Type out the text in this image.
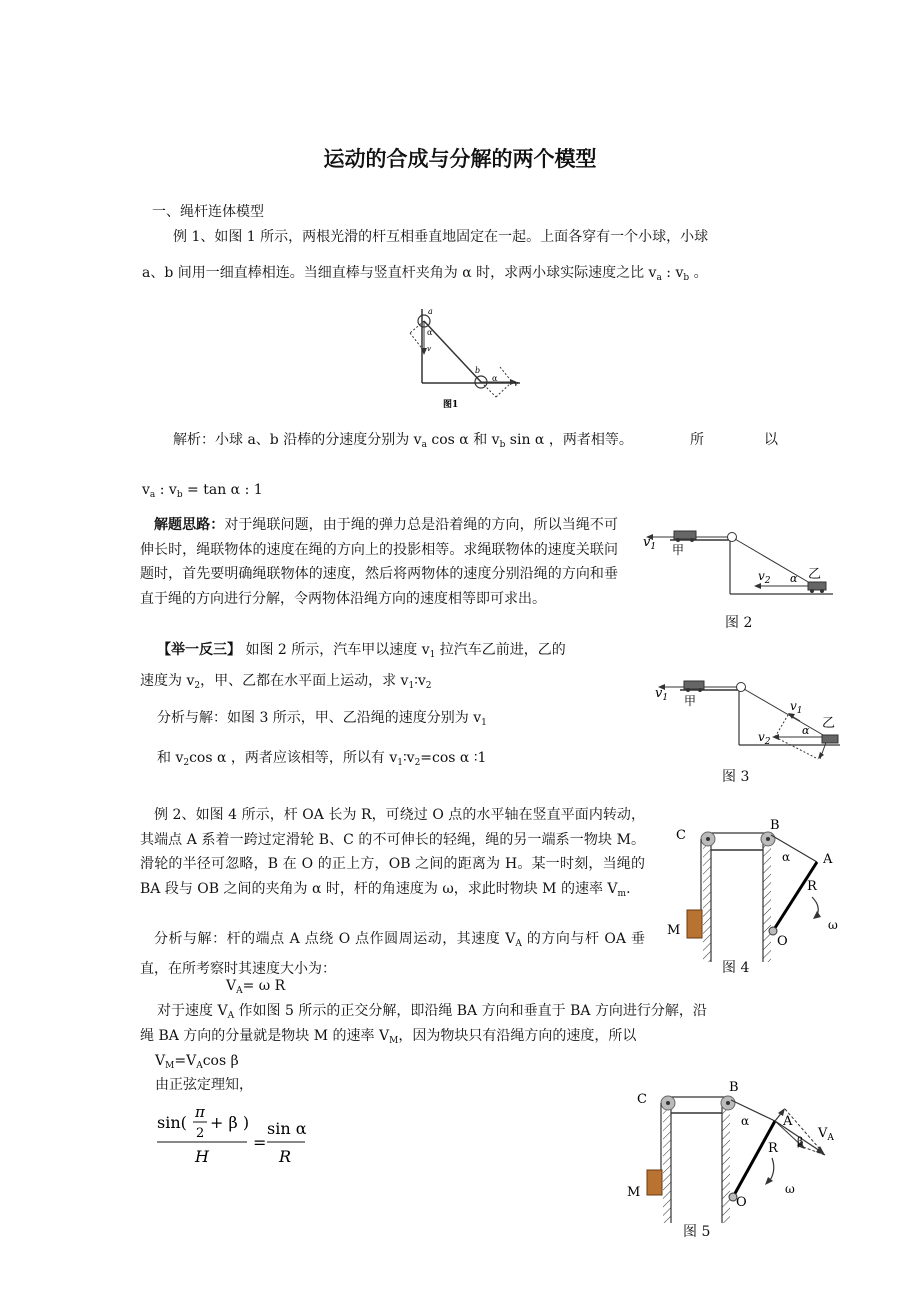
运动的合成与分解的两个模型
一、绳杆连体模型
例 1、如图 1 所示，两根光滑的杆互相垂直地固定在一起。上面各穿有一个小球，小球
a、b 间用一细直棒相连。当细直棒与竖直杆夹角为 α 时，求两小球实际速度之比 $v_a$ : $v_b$ 。
a
α
v
b
α
v
图1
解析：小球 a、b 沿棒的分速度分别为 $v_a$ cos α 和 $v_b$ sin α ，两者相等。	所	以
$v_a$ : $v_b = \tan \alpha$ : 1
解题思路：对于绳联问题，由于绳的弹力总是沿着绳的方向，所以当绳不可伸长时，绳联物体的速度在绳的方向上的投影相等。求绳联物体的速度关联问题时，首先要明确绳联物体的速度，然后将两物体的速度分别沿绳的方向和垂直于绳的方向进行分解，令两物体沿绳方向的速度相等即可求出。
$v_1$ 甲
$v_2$ α 乙
图 2
【举一反三】 如图 2 所示，汽车甲以速度 $v_1$ 拉汽车乙前进，乙的
速度为 $v_2$，甲、乙都在水平面上运动，求 $v_1∶v_2$
分析与解：如图 3 所示，甲、乙沿绳的速度分别为 $v_1$
和 $v_2\cos$ α ，两者应该相等，所以有 $v_1∶v_2=\cos$ α ∶1
$v_1$ 甲	$v_1$
α 乙
$v_2$
图 3
例 2、如图 4 所示，杆 OA 长为 R，可绕过 O 点的水平轴在竖直平面内转动，其端点 A 系着一跨过定滑轮 B、C 的不可伸长的轻绳，绳的另一端系一物块 M。滑轮的半径可忽略，B 在 O 的正上方，OB 之间的距离为 H。某一时刻，当绳的 BA 段与 OB 之间的夹角为 α 时，杆的角速度为 ω，求此时物块 M 的速率 $V_m$.
分析与解：杆的端点 A 点绕 O 点作圆周运动，其速度 $V_A$ 的方向与杆 OA 垂直，在所考察时其速度大小为：
C
B
α	A
R
ω
M
O
图 4
$V_A= \omega$ R
对于速度 $V_A$ 作如图 5 所示的正交分解，即沿绳 BA 方向和垂直于 BA 方向进行分解，沿
绳 BA 方向的分量就是物块 M 的速率 $V_M$，因为物块只有沿绳方向的速度，所以
$V_M=V_A\cos$ β
由正弦定理知，
sin(
π
2
+ β )
H
=
sin α
R
C
B
α	A
$V_A$
R β
M	ω
O
图 5
